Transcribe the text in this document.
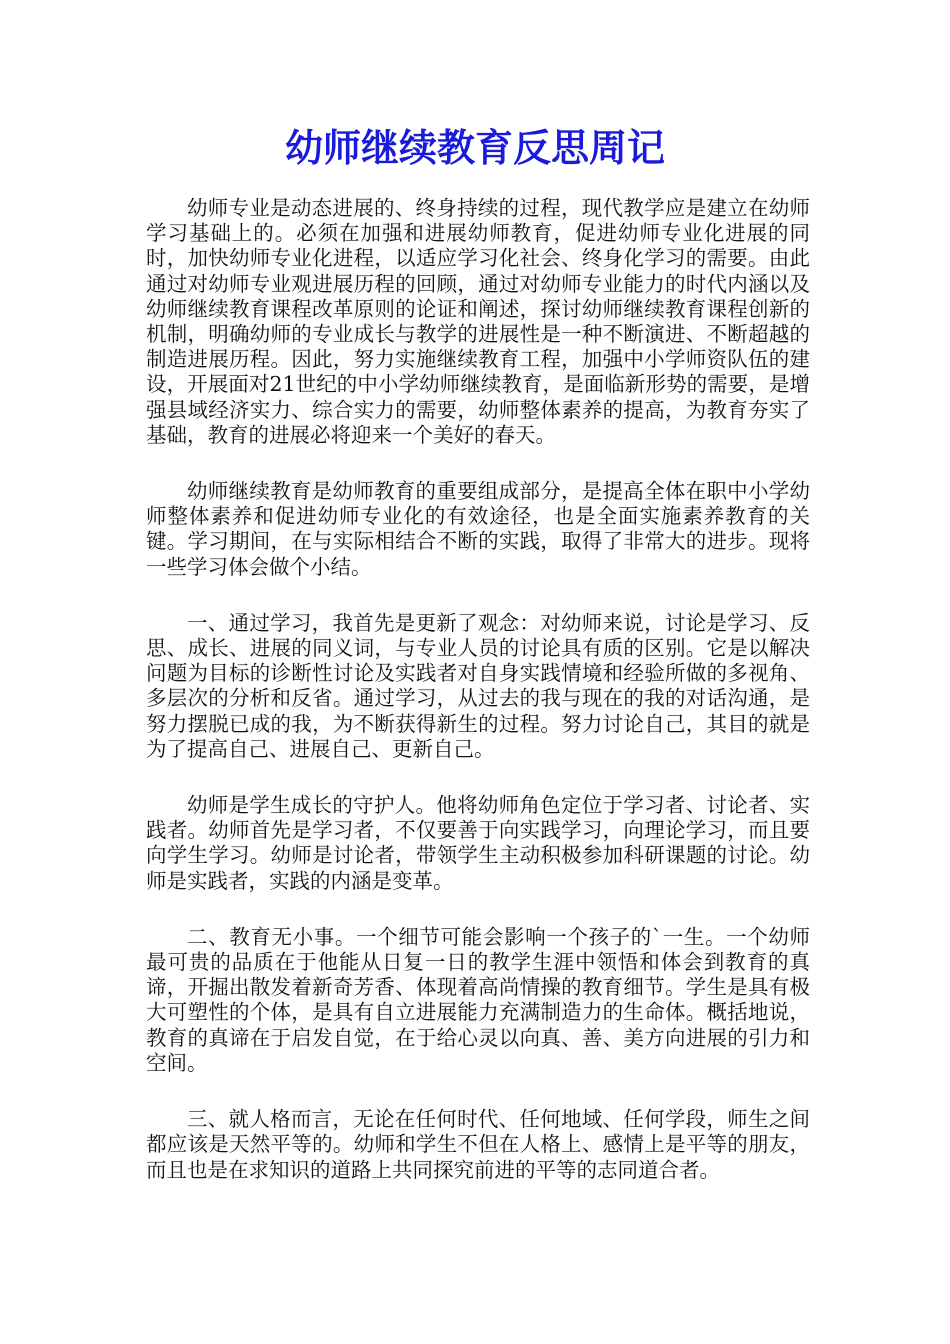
幼师继续教育反思周记

幼师专业是动态进展的、终身持续的过程，现代教学应是建立在幼师学习基础上的。必须在加强和进展幼师教育，促进幼师专业化进展的同时，加快幼师专业化进程，以适应学习化社会、终身化学习的需要。由此通过对幼师专业观进展历程的回顾，通过对幼师专业能力的时代内涵以及幼师继续教育课程改革原则的论证和阐述，探讨幼师继续教育课程创新的机制，明确幼师的专业成长与教学的进展性是一种不断演进、不断超越的制造进展历程。因此，努力实施继续教育工程，加强中小学师资队伍的建设，开展面对21世纪的中小学幼师继续教育，是面临新形势的需要，是增强县域经济实力、综合实力的需要，幼师整体素养的提高，为教育夯实了基础，教育的进展必将迎来一个美好的春天。

幼师继续教育是幼师教育的重要组成部分，是提高全体在职中小学幼师整体素养和促进幼师专业化的有效途径，也是全面实施素养教育的关键。学习期间，在与实际相结合不断的实践，取得了非常大的进步。现将一些学习体会做个小结。

一、通过学习，我首先是更新了观念：对幼师来说，讨论是学习、反思、成长、进展的同义词，与专业人员的讨论具有质的区别。它是以解决问题为目标的诊断性讨论及实践者对自身实践情境和经验所做的多视角、多层次的分析和反省。通过学习，从过去的我与现在的我的对话沟通，是努力摆脱已成的我，为不断获得新生的过程。努力讨论自己，其目的就是为了提高自己、进展自己、更新自己。

幼师是学生成长的守护人。他将幼师角色定位于学习者、讨论者、实践者。幼师首先是学习者，不仅要善于向实践学习，向理论学习，而且要向学生学习。幼师是讨论者，带领学生主动积极参加科研课题的讨论。幼师是实践者，实践的内涵是变革。

二、教育无小事。一个细节可能会影响一个孩子的`一生。一个幼师最可贵的品质在于他能从日复一日的教学生涯中领悟和体会到教育的真谛，开掘出散发着新奇芳香、体现着高尚情操的教育细节。学生是具有极大可塑性的个体，是具有自立进展能力充满制造力的生命体。概括地说，教育的真谛在于启发自觉，在于给心灵以向真、善、美方向进展的引力和空间。

三、就人格而言，无论在任何时代、任何地域、任何学段，师生之间都应该是天然平等的。幼师和学生不但在人格上、感情上是平等的朋友，而且也是在求知识的道路上共同探究前进的平等的志同道合者。
